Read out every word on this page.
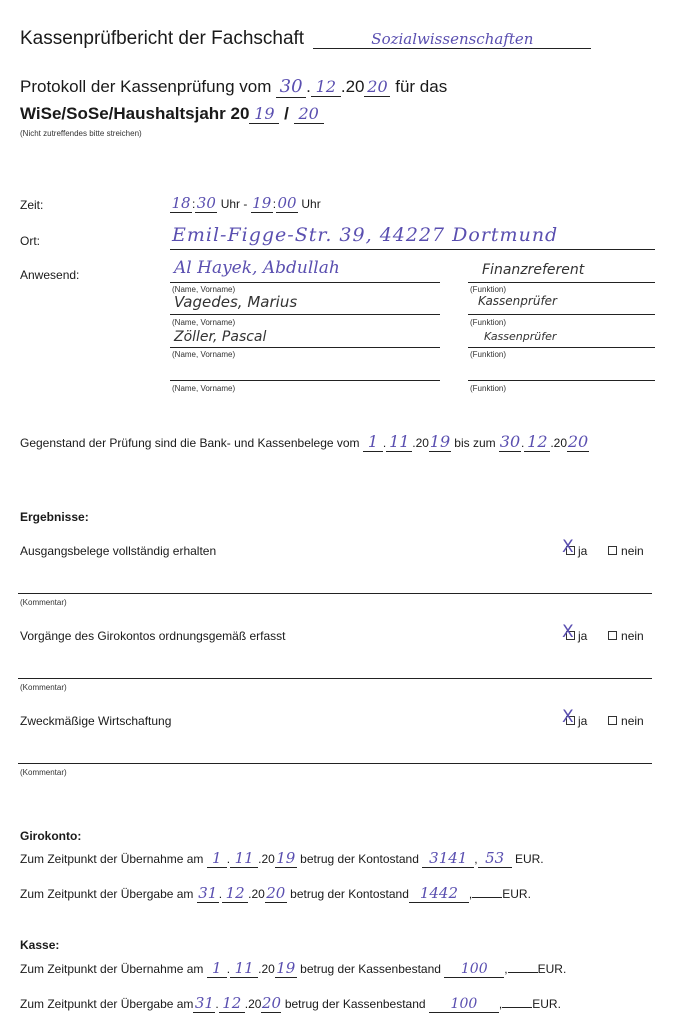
Kassenprüfbericht der Fachschaft	Sozialwissenschaften
Protokoll der Kassenprüfung vom 30 . 12 .20 20 für das
WiSe/SoSe/Haushaltsjahr 20 19 / 20
(Nicht zutreffendes bitte streichen)
Zeit:	18:30 Uhr - 19:00 Uhr
Ort:	Emil-Figge-Str. 39, 44227 Dortmund
Anwesend:	Al Hayek, Abdullah	Finanzreferent
(Name, Vorname)	(Funktion)
Vagedes, Marius	Kassenprüfer
(Name, Vorname)	(Funktion)
Zöller, Pascal	Kassenprüfer
(Name, Vorname)	(Funktion)
(Name, Vorname)	(Funktion)
Gegenstand der Prüfung sind die Bank- und Kassenbelege vom 1 . 11 .2019 bis zum 30. 12 .2020
Ergebnisse:
Ausgangsbelege vollständig erhalten	X ja	nein
(Kommentar)
Vorgänge des Girokontos ordnungsgemäß erfasst	X ja	nein
(Kommentar)
Zweckmäßige Wirtschaftung	X ja	nein
(Kommentar)
Girokonto:
Zum Zeitpunkt der Übernahme am 1 . 11 .2019 betrug der Kontostand 3141 , 53 EUR.
Zum Zeitpunkt der Übergabe am 31. 12 .2020 betrug der Kontostand 1442 ,	EUR.
Kasse:
Zum Zeitpunkt der Übernahme am 1 . 11 .2019 betrug der Kassenbestand 100 ,	EUR.
Zum Zeitpunkt der Übergabe am31. 12 .2020 betrug der Kassenbestand 100 ,	EUR.
